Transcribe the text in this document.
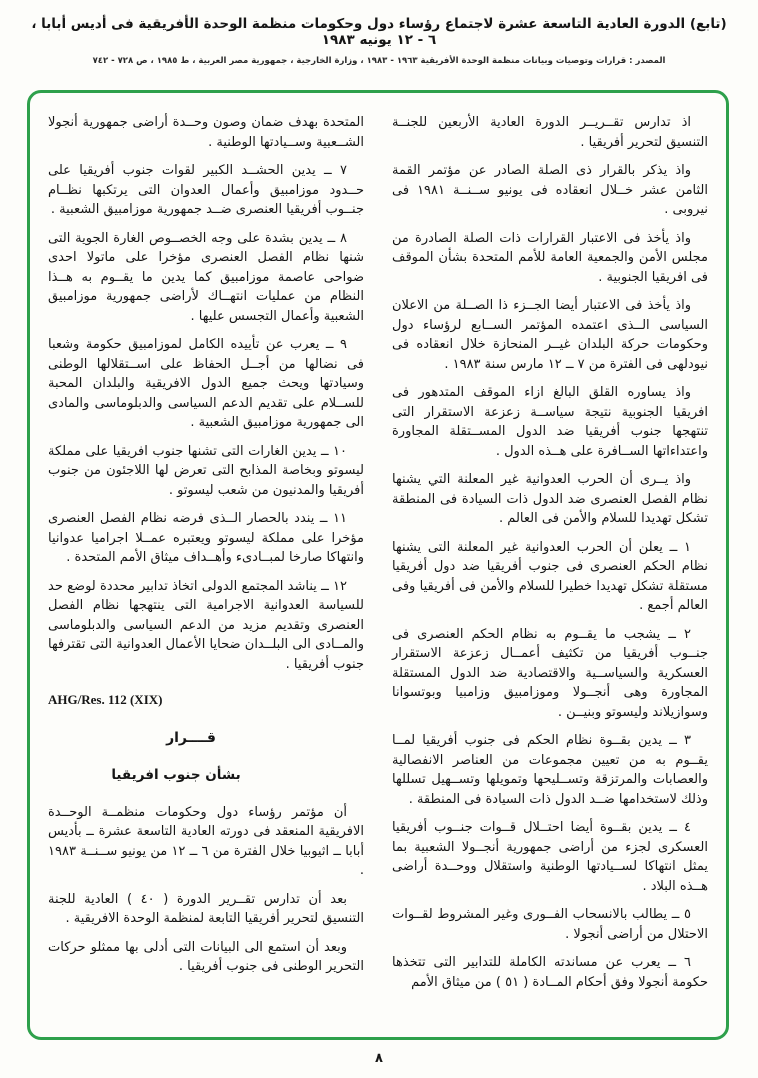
(تابع) الدورة العادية التاسعة عشرة لاجتماع رؤساء دول وحكومات منظمة الوحدة الأفريقية فى أديس أبابا ، ٦ - ١٢ يونيه ١٩٨٣
المصدر : قرارات وتوصيات وبيانات منظمة الوحدة الأفريقية ١٩٦٣ - ١٩٨٣ ، وزارة الخارجية ، جمهورية مصر العربية ، ط ١٩٨٥ ، ص ٧٢٨ - ٧٤٢

اذ تدارس تقــريــر الدورة العادية الأربعين للجنــة التنسيق لتحرير أفريقيا .

واذ يذكر بالقرار ذى الصلة الصادر عن مؤتمر القمة الثامن عشر خــلال انعقاده فى يونيو ســنــة ١٩٨١ فى نيروبى .

واذ يأخذ فى الاعتبار القرارات ذات الصلة الصادرة من مجلس الأمن والجمعية العامة للأمم المتحدة بشأن الموقف فى افريقيا الجنوبية .

واذ يأخذ فى الاعتبار أيضا الجــزء ذا الصــلة من الاعلان السياسى الــذى اعتمده المؤتمر الســابع لرؤساء دول وحكومات حركة البلدان غيــر المنحازة خلال انعقاده فى نيودلهى فى الفترة من ٧ ــ ١٢ مارس سنة ١٩٨٣ .

واذ يساوره القلق البالغ ازاء الموقف المتدهور فى افريقيا الجنوبية نتيجة سياســة زعزعة الاستقرار التى تنتهجها جنوب أفريقيا ضد الدول المســتقلة المجاورة واعتداءاتها الســافرة على هــذه الدول .

واذ يــرى أن الحرب العدوانية غير المعلنة التي يشنها نظام الفصل العنصرى ضد الدول ذات السيادة فى المنطقة تشكل تهديدا للسلام والأمن فى العالم .

١ ــ يعلن أن الحرب العدوانية غير المعلنة التى يشنها نظام الحكم العنصرى فى جنوب أفريقيا ضد دول أفريقيا مستقلة تشكل تهديدا خطيرا للسلام والأمن فى أفريقيا وفى العالم أجمع .

٢ ــ يشجب ما يقــوم به نظام الحكم العنصرى فى جنــوب أفريقيا من تكثيف أعمــال زعزعة الاستقرار العسكرية والسياســية والاقتصادية ضد الدول المستقلة المجاورة وهى أنجــولا وموزامبيق وزامبيا وبوتسوانا وسوازيلاند وليسوتو وبنيــن .

٣ ــ يدين بقــوة نظام الحكم فى جنوب أفريقيا لمــا يقــوم به من تعيين مجموعات من العناصر الانفصالية والعصابات والمرتزقة وتســليحها وتمويلها وتســهيل تسللها وذلك لاستخدامها ضــد الدول ذات السيادة فى المنطقة .

٤ ــ يدين بقــوة أيضا احتــلال قــوات جنــوب أفريقيا العسكرى لجزء من أراضى جمهورية أنجــولا الشعبية بما يمثل انتهاكا لســيادتها الوطنية واستقلال ووحــدة أراضى هــذه البلاد .

٥ ــ يطالب بالانسحاب الفــورى وغير المشروط لقــوات الاحتلال من أراضى أنجولا .

٦ ــ يعرب عن مساندته الكاملة للتدابير التى تتخذها حكومة أنجولا وفق أحكام المــادة ( ٥١ ) من ميثاق الأمم

المتحدة بهدف ضمان وصون وحــدة أراضى جمهورية أنجولا الشــعبية وســيادتها الوطنية .

٧ ــ يدين الحشــد الكبير لقوات جنوب أفريقيا على حــدود موزامبيق وأعمال العدوان التى يرتكبها نظــام جنــوب أفريقيا العنصرى ضــد جمهورية موزامبيق الشعبية .

٨ ــ يدين بشدة على وجه الخصــوص الغارة الجوية التى شنها نظام الفصل العنصرى مؤخرا على ماتولا احدى ضواحى عاصمة موزامبيق كما يدين ما يقــوم به هــذا النظام من عمليات انتهــاك لأراضى جمهورية موزامبيق الشعبية وأعمال التجسس عليها .

٩ ــ يعرب عن تأييده الكامل لموزامبيق حكومة وشعبا فى نضالها من أجــل الحفاظ على اســتقلالها الوطنى وسيادتها ويحث جميع الدول الافريقية والبلدان المحبة للســلام على تقديم الدعم السياسى والدبلوماسى والمادى الى جمهورية موزامبيق الشعبية .

١٠ ــ يدين الغارات التى تشنها جنوب افريقيا على مملكة ليسوتو وبخاصة المذابح التى تعرض لها اللاجئون من جنوب أفريقيا والمدنيون من شعب ليسوتو .

١١ ــ يندد بالحصار الــذى فرضه نظام الفصل العنصرى مؤخرا على مملكة ليسوتو ويعتبره عمــلا اجراميا عدوانيا وانتهاكا صارخا لمبــادىء وأهــداف ميثاق الأمم المتحدة .

١٢ ــ يناشد المجتمع الدولى اتخاذ تدابير محددة لوضع حد للسياسة العدوانية الاجرامية التى ينتهجها نظام الفصل العنصرى وتقديم مزيد من الدعم السياسى والدبلوماسى والمــادى الى البلــدان ضحايا الأعمال العدوانية التى تقترفها جنوب أفريقيا .

AHG/Res. 112 (XIX)
قــــرار
بشأن جنوب افريقيا

أن مؤتمر رؤساء دول وحكومات منظمــة الوحــدة الافريقية المنعقد فى دورته العادية التاسعة عشرة ــ بأديس أبابا ــ اثيوبيا خلال الفترة من ٦ ــ ١٢ من يونيو ســنــة ١٩٨٣ .

بعد أن تدارس تقــرير الدورة ( ٤٠ ) العادية للجنة التنسيق لتحرير أفريقيا التابعة لمنظمة الوحدة الافريقية .

وبعد أن استمع الى البيانات التى أدلى بها ممثلو حركات التحرير الوطنى فى جنوب أفريقيا .

٨
